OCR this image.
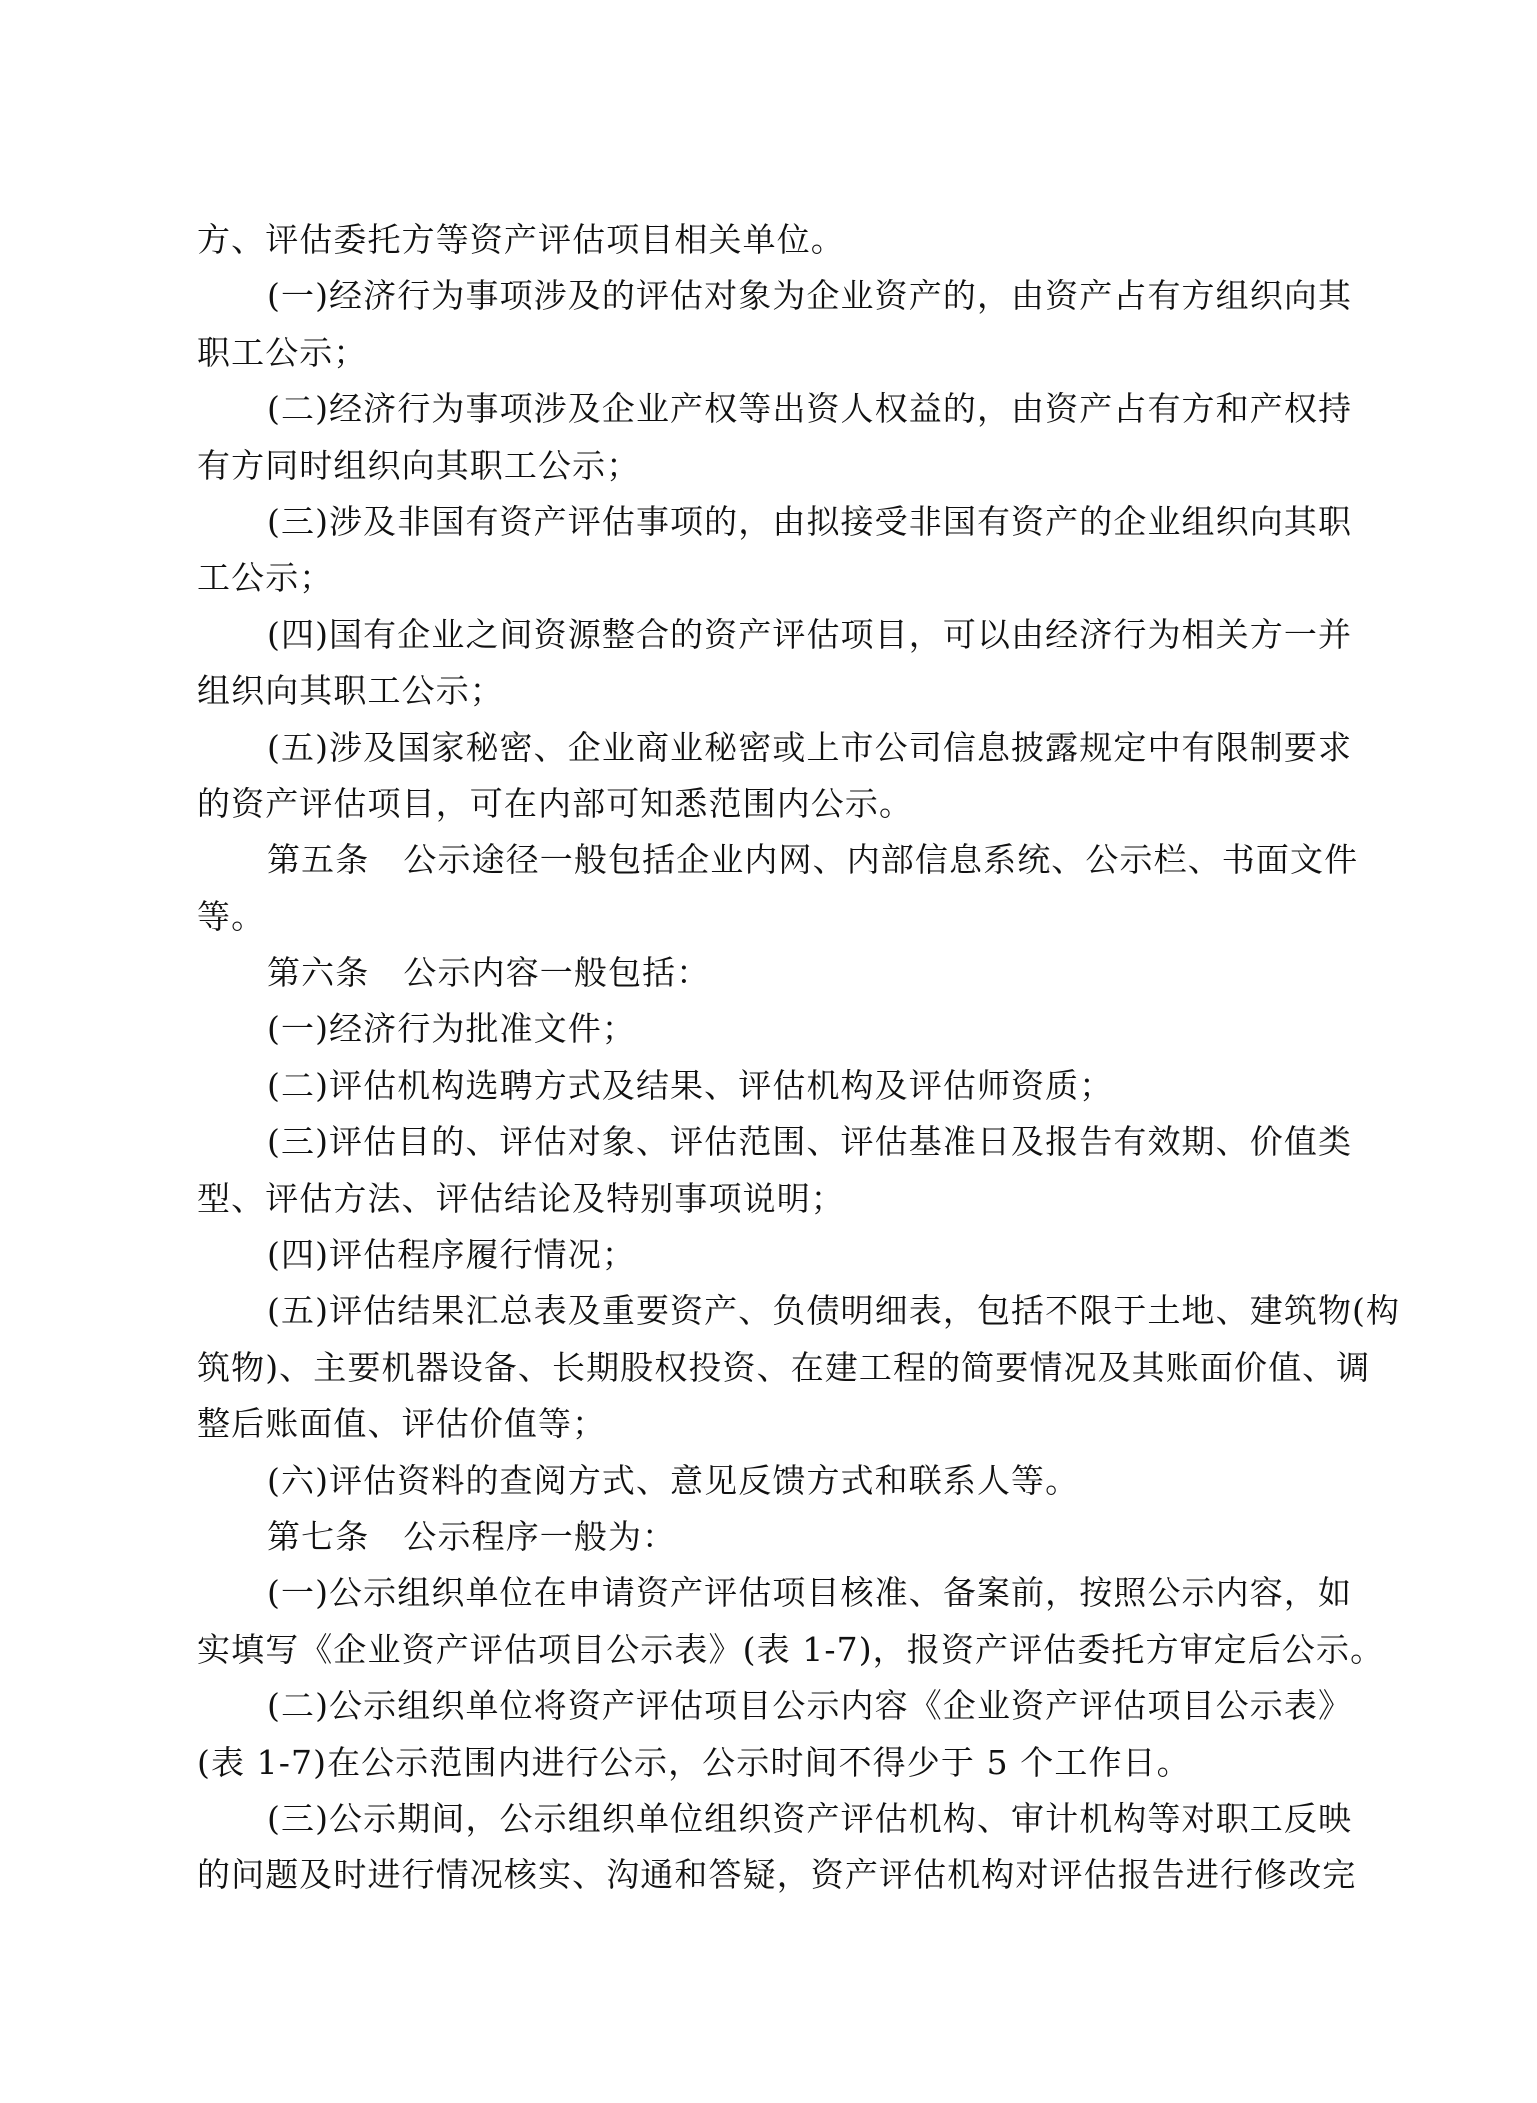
方、评估委托方等资产评估项目相关单位。
(一)经济行为事项涉及的评估对象为企业资产的，由资产占有方组织向其
职工公示；
(二)经济行为事项涉及企业产权等出资人权益的，由资产占有方和产权持
有方同时组织向其职工公示；
(三)涉及非国有资产评估事项的，由拟接受非国有资产的企业组织向其职
工公示；
(四)国有企业之间资源整合的资产评估项目，可以由经济行为相关方一并
组织向其职工公示；
(五)涉及国家秘密、企业商业秘密或上市公司信息披露规定中有限制要求
的资产评估项目，可在内部可知悉范围内公示。
第五条　公示途径一般包括企业内网、内部信息系统、公示栏、书面文件
等。
第六条　公示内容一般包括：
(一)经济行为批准文件；
(二)评估机构选聘方式及结果、评估机构及评估师资质；
(三)评估目的、评估对象、评估范围、评估基准日及报告有效期、价值类
型、评估方法、评估结论及特别事项说明；
(四)评估程序履行情况；
(五)评估结果汇总表及重要资产、负债明细表，包括不限于土地、建筑物(构
筑物)、主要机器设备、长期股权投资、在建工程的简要情况及其账面价值、调
整后账面值、评估价值等；
(六)评估资料的查阅方式、意见反馈方式和联系人等。
第七条　公示程序一般为：
(一)公示组织单位在申请资产评估项目核准、备案前，按照公示内容，如
实填写《企业资产评估项目公示表》(表 1-7)，报资产评估委托方审定后公示。
(二)公示组织单位将资产评估项目公示内容《企业资产评估项目公示表》
(表 1-7)在公示范围内进行公示，公示时间不得少于 5 个工作日。
(三)公示期间，公示组织单位组织资产评估机构、审计机构等对职工反映
的问题及时进行情况核实、沟通和答疑，资产评估机构对评估报告进行修改完
